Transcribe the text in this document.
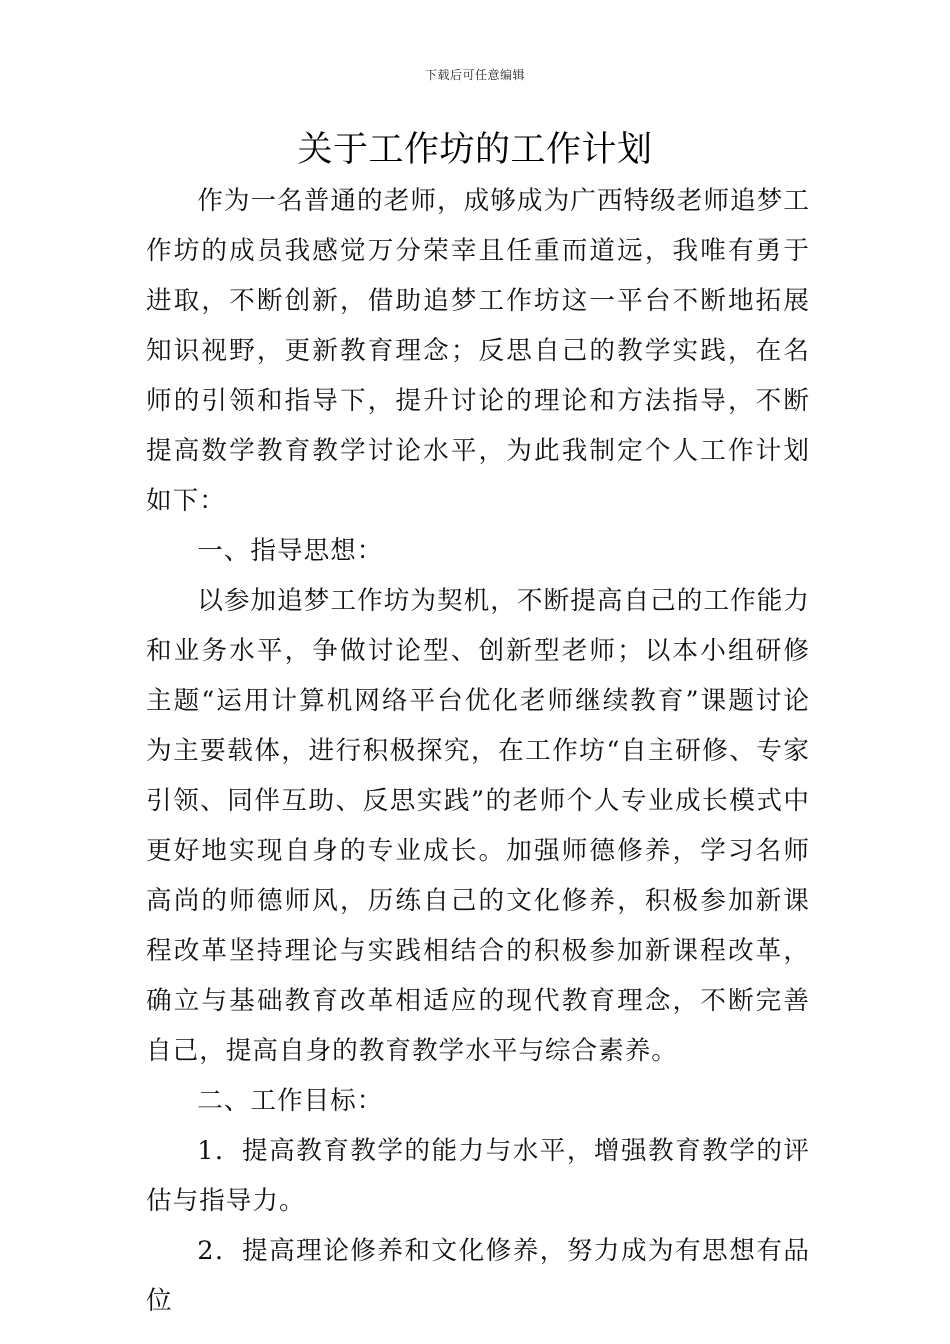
下载后可任意编辑
关于工作坊的工作计划

作为一名普通的老师，成够成为广西特级老师追梦工作坊的成员我感觉万分荣幸且任重而道远，我唯有勇于进取，不断创新，借助追梦工作坊这一平台不断地拓展知识视野，更新教育理念；反思自己的教学实践，在名师的引领和指导下，提升讨论的理论和方法指导，不断提高数学教育教学讨论水平，为此我制定个人工作计划如下：

一、指导思想：

以参加追梦工作坊为契机，不断提高自己的工作能力和业务水平，争做讨论型、创新型老师；以本小组研修主题“运用计算机网络平台优化老师继续教育”课题讨论为主要载体，进行积极探究，在工作坊“自主研修、专家引领、同伴互助、反思实践”的老师个人专业成长模式中更好地实现自身的专业成长。加强师德修养，学习名师高尚的师德师风，历练自己的文化修养，积极参加新课程改革坚持理论与实践相结合的积极参加新课程改革，确立与基础教育改革相适应的现代教育理念，不断完善自己，提高自身的教育教学水平与综合素养。

二、工作目标：

1．提高教育教学的能力与水平，增强教育教学的评估与指导力。

2．提高理论修养和文化修养，努力成为有思想有品位
